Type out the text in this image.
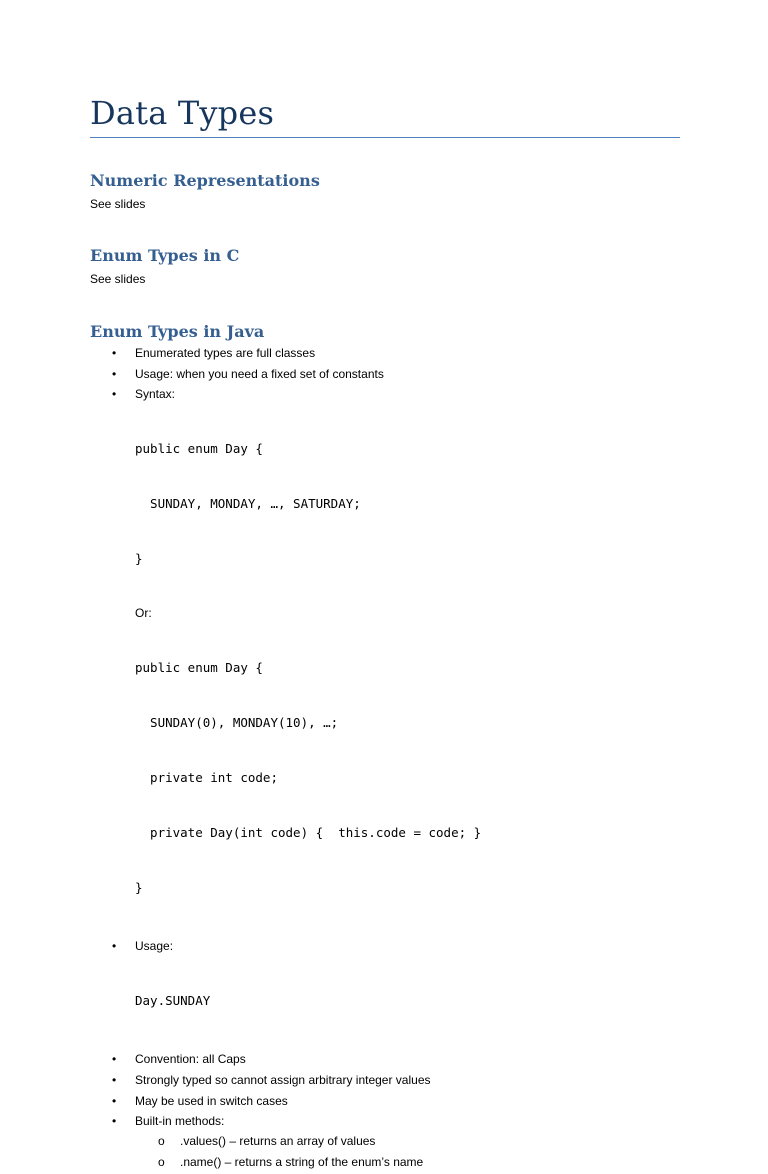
Data Types
Numeric Representations

See slides

Enum Types in C

See slides

Enum Types in Java
• Enumerated types are full classes
• Usage: when you need a fixed set of constants
• Syntax:

public enum Day {

SUNDAY, MONDAY, …, SATURDAY;

}

Or:

public enum Day {

SUNDAY(0), MONDAY(10), …;

private int code;

private Day(int code) {  this.code = code; }

}

• Usage:

Day.SUNDAY

• Convention: all Caps
• Strongly typed so cannot assign arbitrary integer values
• May be used in switch cases
• Built-in methods:
o .values() – returns an array of values
o .name() – returns a string of the enum’s name
